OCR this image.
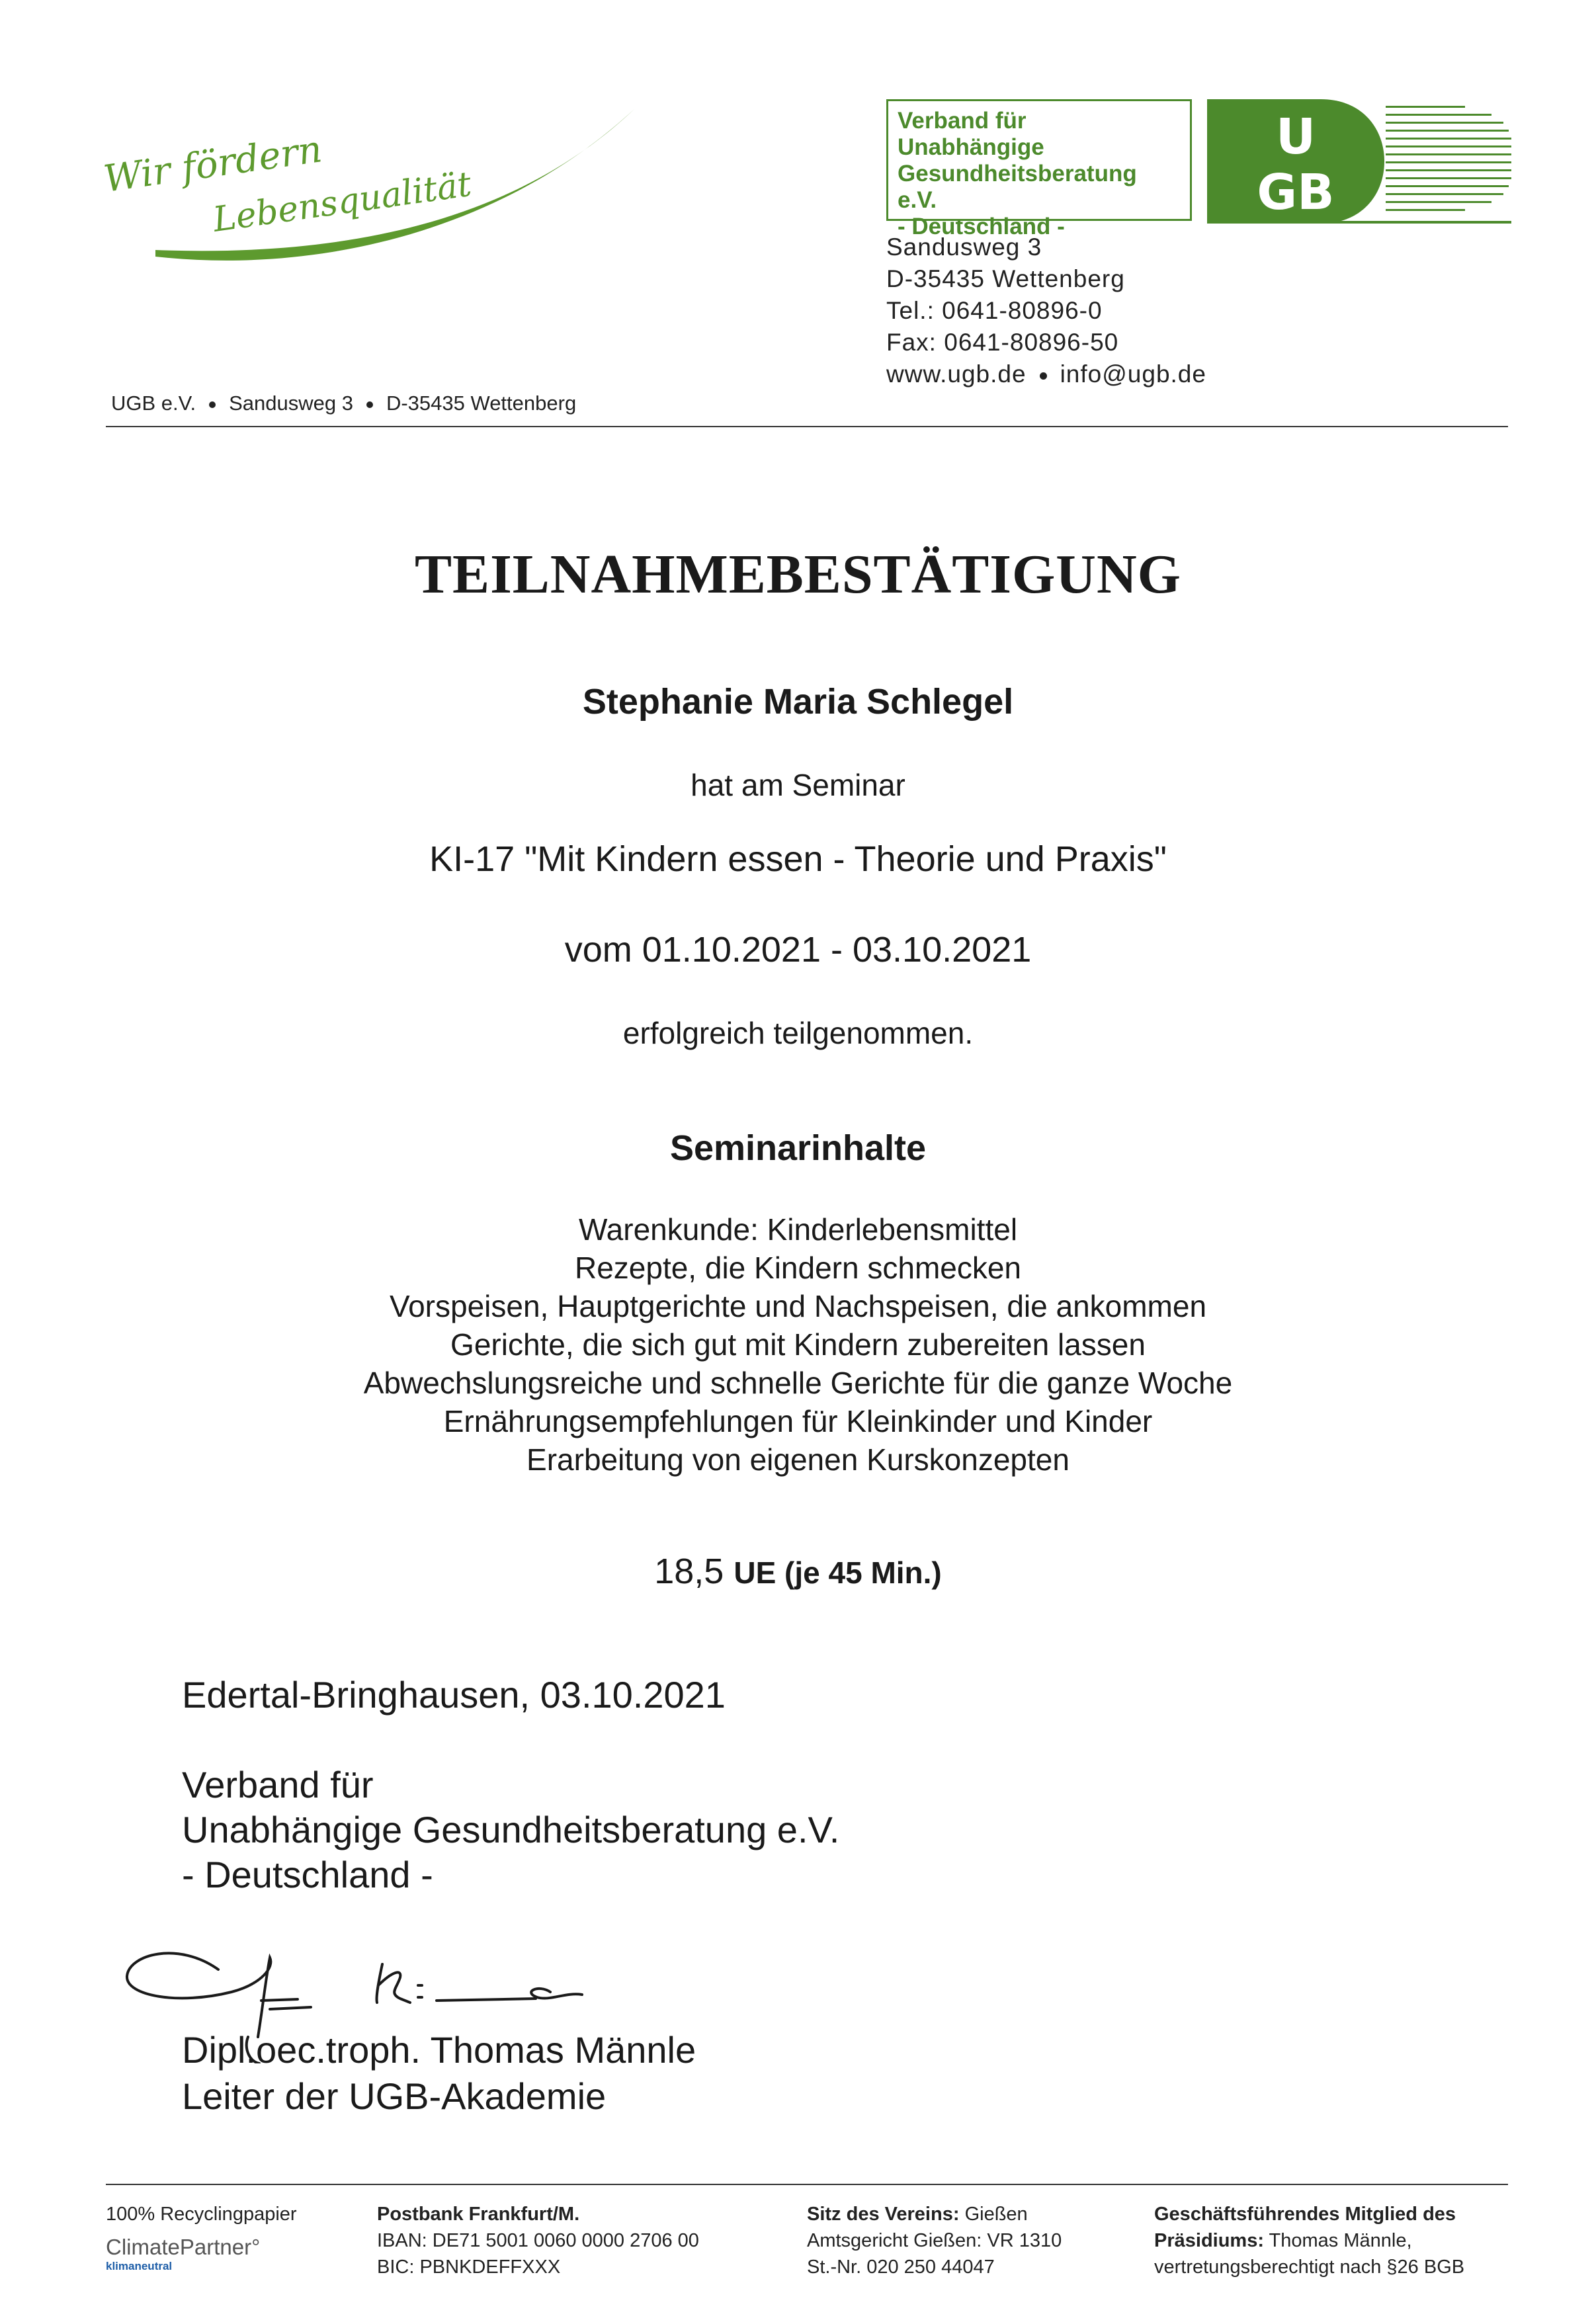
Wir fördern
Lebensqualität
UGB e.V. Sandusweg 3 D-35435 Wettenberg
Verband für
Unabhängige
Gesundheitsberatung e.V.
- Deutschland -
U
GB
Sandusweg 3
D-35435 Wettenberg
Tel.: 0641-80896-0
Fax: 0641-80896-50
www.ugb.de info@ugb.de
TEILNAHMEBESTÄTIGUNG
Stephanie Maria Schlegel
hat am Seminar
KI-17 "Mit Kindern essen - Theorie und Praxis"
vom 01.10.2021 - 03.10.2021
erfolgreich teilgenommen.
Seminarinhalte
Warenkunde: Kinderlebensmittel
Rezepte, die Kindern schmecken
Vorspeisen, Hauptgerichte und Nachspeisen, die ankommen
Gerichte, die sich gut mit Kindern zubereiten lassen
Abwechslungsreiche und schnelle Gerichte für die ganze Woche
Ernährungsempfehlungen für Kleinkinder und Kinder
Erarbeitung von eigenen Kurskonzepten
18,5 UE (je 45 Min.)
Edertal-Bringhausen, 03.10.2021
Verband für
Unabhängige Gesundheitsberatung e.V.
- Deutschland -
Dipl.oec.troph. Thomas Männle
Leiter der UGB-Akademie
100% Recyclingpapier
ClimatePartner°
klimaneutral
Postbank Frankfurt/M.
IBAN: DE71 5001 0060 0000 2706 00
BIC: PBNKDEFFXXX
Sitz des Vereins: Gießen
Amtsgericht Gießen: VR 1310
St.-Nr. 020 250 44047
Geschäftsführendes Mitglied des
Präsidiums: Thomas Männle,
vertretungsberechtigt nach §26 BGB
